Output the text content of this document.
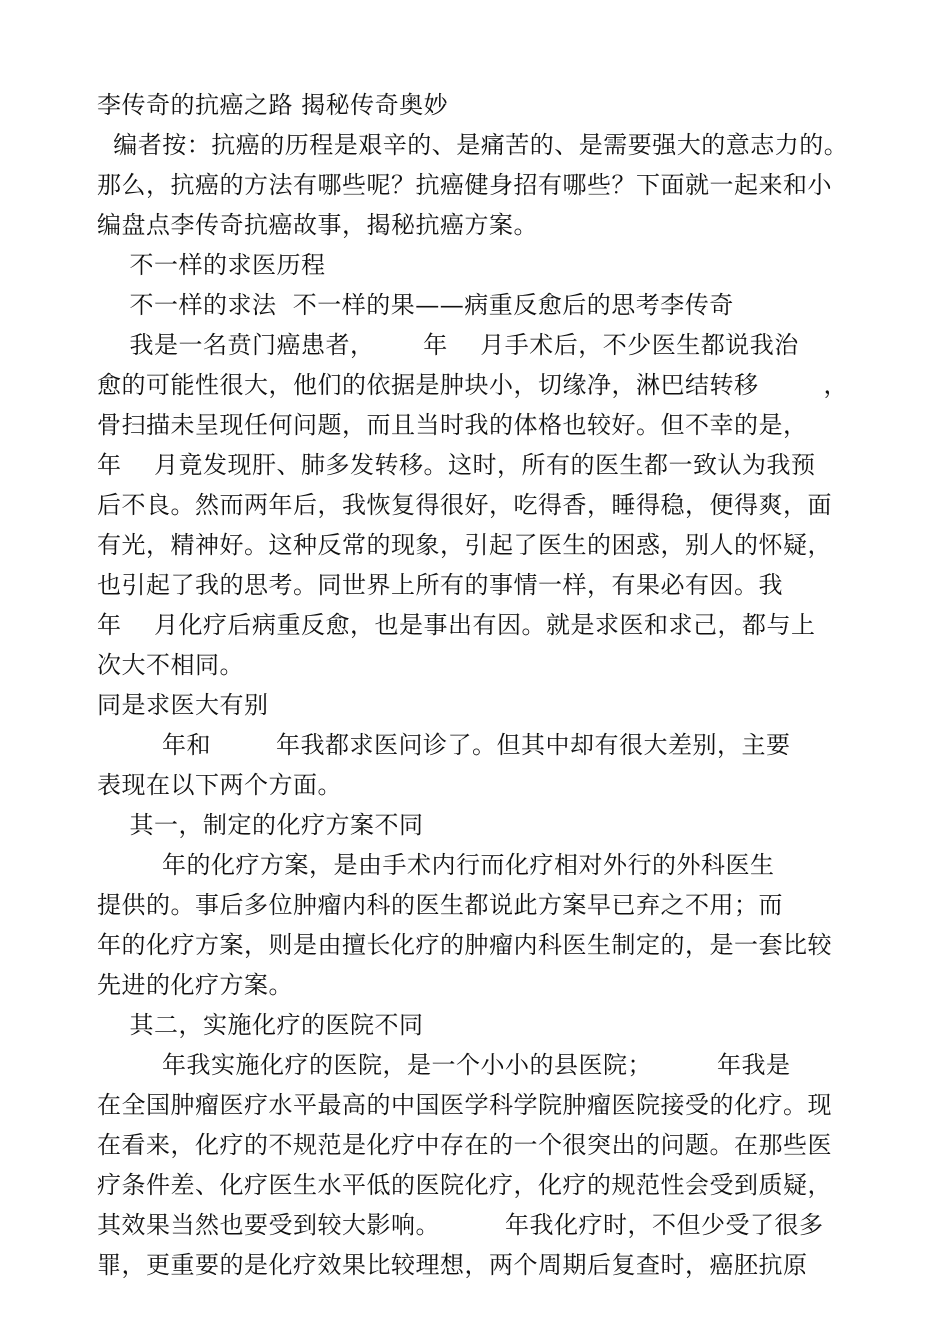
李传奇的抗癌之路 揭秘传奇奥妙
编者按：抗癌的历程是艰辛的、是痛苦的、是需要强大的意志力的。
那么，抗癌的方法有哪些呢？抗癌健身招有哪些？下面就一起来和小
编盘点李传奇抗癌故事，揭秘抗癌方案。
不一样的求医历程
不一样的求法  不一样的果——病重反愈后的思考李传奇
我是一名贲门癌患者，      年    月手术后，不少医生都说我治
愈的可能性很大，他们的依据是肿块小，切缘净，淋巴结转移        ，
骨扫描未呈现任何问题，而且当时我的体格也较好。但不幸的是，
年    月竟发现肝、肺多发转移。这时，所有的医生都一致认为我预
后不良。然而两年后，我恢复得很好，吃得香，睡得稳，便得爽，面
有光，精神好。这种反常的现象，引起了医生的困惑，别人的怀疑，
也引起了我的思考。同世界上所有的事情一样，有果必有因。我
年    月化疗后病重反愈，也是事出有因。就是求医和求己，都与上
次大不相同。
同是求医大有别
年和        年我都求医问诊了。但其中却有很大差别，主要
表现在以下两个方面。
其一，制定的化疗方案不同
年的化疗方案，是由手术内行而化疗相对外行的外科医生
提供的。事后多位肿瘤内科的医生都说此方案早已弃之不用；而
年的化疗方案，则是由擅长化疗的肿瘤内科医生制定的，是一套比较
先进的化疗方案。
其二，实施化疗的医院不同
年我实施化疗的医院，是一个小小的县医院；        年我是
在全国肿瘤医疗水平最高的中国医学科学院肿瘤医院接受的化疗。现
在看来，化疗的不规范是化疗中存在的一个很突出的问题。在那些医
疗条件差、化疗医生水平低的医院化疗，化疗的规范性会受到质疑，
其效果当然也要受到较大影响。        年我化疗时，不但少受了很多
罪，更重要的是化疗效果比较理想，两个周期后复查时，癌胚抗原
